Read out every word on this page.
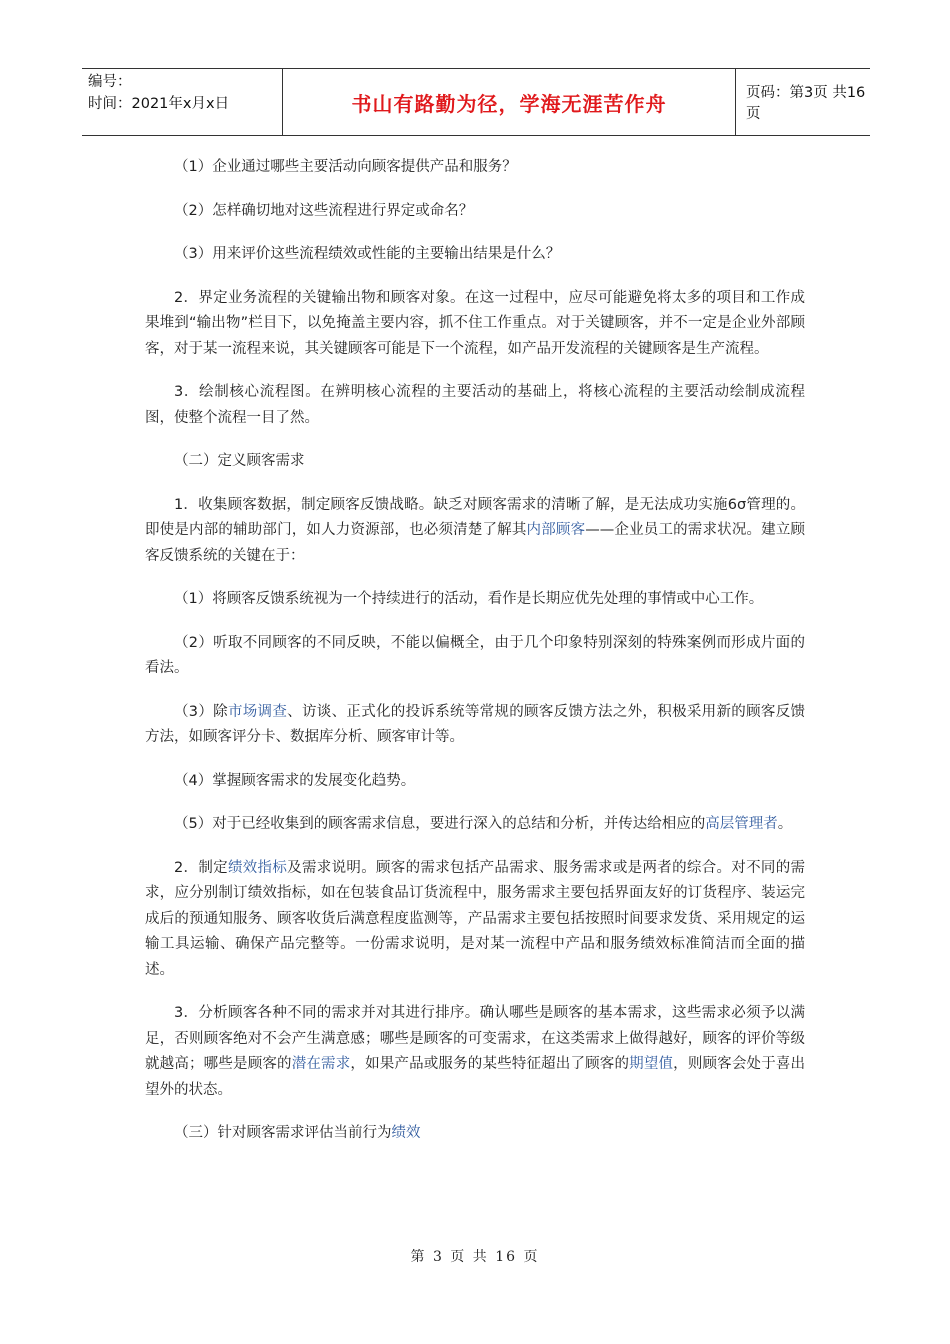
编号：
时间：2021年x月x日	书山有路勤为径，学海无涯苦作舟	页码：第3页 共16页

（1）企业通过哪些主要活动向顾客提供产品和服务？

（2）怎样确切地对这些流程进行界定或命名？

（3）用来评价这些流程绩效或性能的主要输出结果是什么？

2．界定业务流程的关键输出物和顾客对象。在这一过程中，应尽可能避免将太多的项目和工作成果堆到“输出物”栏目下，以免掩盖主要内容，抓不住工作重点。对于关键顾客，并不一定是企业外部顾客，对于某一流程来说，其关键顾客可能是下一个流程，如产品开发流程的关键顾客是生产流程。

3．绘制核心流程图。在辨明核心流程的主要活动的基础上，将核心流程的主要活动绘制成流程图，使整个流程一目了然。

（二）定义顾客需求

1．收集顾客数据，制定顾客反馈战略。缺乏对顾客需求的清晰了解，是无法成功实施6σ管理的。即使是内部的辅助部门，如人力资源部，也必须清楚了解其内部顾客——企业员工的需求状况。建立顾客反馈系统的关键在于：

（1）将顾客反馈系统视为一个持续进行的活动，看作是长期应优先处理的事情或中心工作。

（2）听取不同顾客的不同反映，不能以偏概全，由于几个印象特别深刻的特殊案例而形成片面的看法。

（3）除市场调查、访谈、正式化的投诉系统等常规的顾客反馈方法之外，积极采用新的顾客反馈方法，如顾客评分卡、数据库分析、顾客审计等。

（4）掌握顾客需求的发展变化趋势。

（5）对于已经收集到的顾客需求信息，要进行深入的总结和分析，并传达给相应的高层管理者。

2．制定绩效指标及需求说明。顾客的需求包括产品需求、服务需求或是两者的综合。对不同的需求，应分别制订绩效指标，如在包装食品订货流程中，服务需求主要包括界面友好的订货程序、装运完成后的预通知服务、顾客收货后满意程度监测等，产品需求主要包括按照时间要求发货、采用规定的运输工具运输、确保产品完整等。一份需求说明，是对某一流程中产品和服务绩效标准简洁而全面的描述。

3．分析顾客各种不同的需求并对其进行排序。确认哪些是顾客的基本需求，这些需求必须予以满足，否则顾客绝对不会产生满意感；哪些是顾客的可变需求，在这类需求上做得越好，顾客的评价等级就越高；哪些是顾客的潜在需求，如果产品或服务的某些特征超出了顾客的期望值，则顾客会处于喜出望外的状态。

（三）针对顾客需求评估当前行为绩效

第 3 页 共 16 页
